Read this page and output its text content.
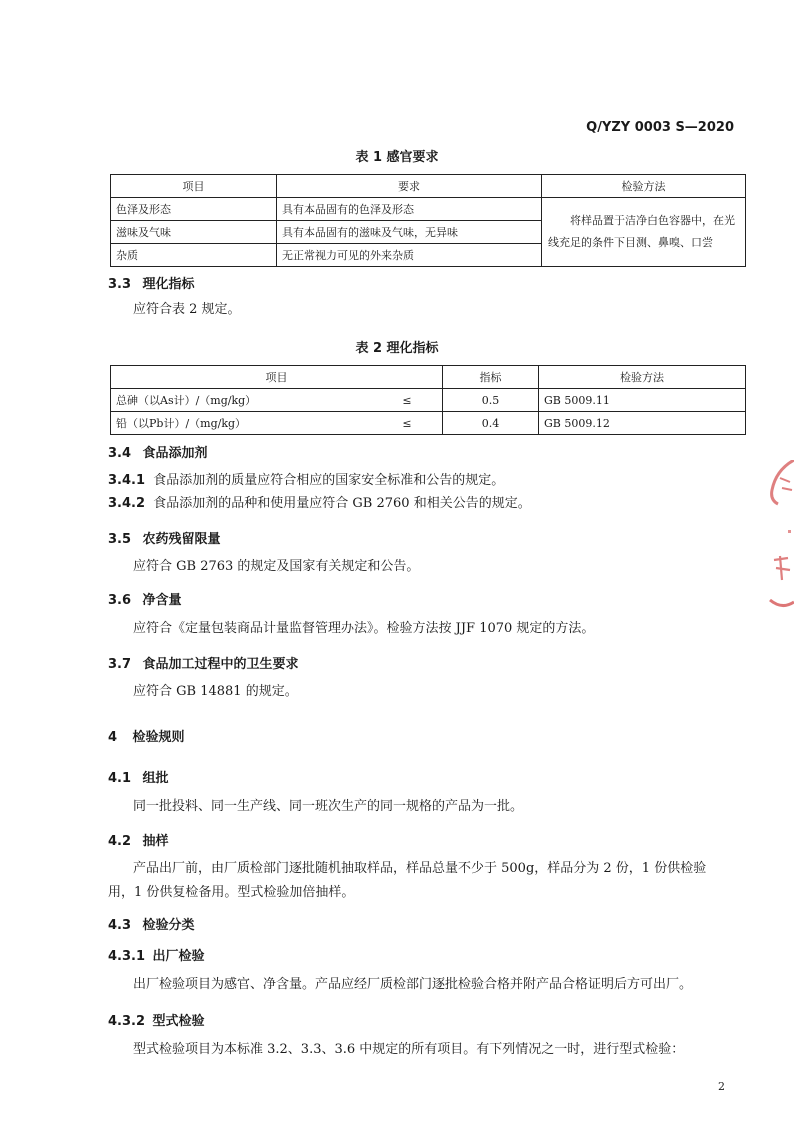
Q/YZY 0003 S—2020
表 1 感官要求
项目	要求	检验方法
色泽及形态	具有本品固有的色泽及形态	将样品置于洁净白色容器中，在光线充足的条件下目测、鼻嗅、口尝
滋味及气味	具有本品固有的滋味及气味，无异味	
杂质	无正常视力可见的外来杂质	
3.3 理化指标
应符合表 2 规定。
表 2 理化指标
项目		指标	检验方法
总砷（以As计）/（mg/kg）	≤	0.5	GB 5009.11
铅（以Pb计）/（mg/kg）	≤	0.4	GB 5009.12
3.4 食品添加剂
3.4.1 食品添加剂的质量应符合相应的国家安全标准和公告的规定。
3.4.2 食品添加剂的品种和使用量应符合 GB 2760 和相关公告的规定。
3.5 农药残留限量
应符合 GB 2763 的规定及国家有关规定和公告。
3.6 净含量
应符合《定量包装商品计量监督管理办法》。检验方法按 JJF 1070 规定的方法。
3.7 食品加工过程中的卫生要求
应符合 GB 14881 的规定。
4 检验规则
4.1 组批
同一批投料、同一生产线、同一班次生产的同一规格的产品为一批。
4.2 抽样
产品出厂前，由厂质检部门逐批随机抽取样品，样品总量不少于 500g，样品分为 2 份，1 份供检验
用，1 份供复检备用。型式检验加倍抽样。
4.3 检验分类
4.3.1 出厂检验
出厂检验项目为感官、净含量。产品应经厂质检部门逐批检验合格并附产品合格证明后方可出厂。
4.3.2 型式检验
型式检验项目为本标准 3.2、3.3、3.6 中规定的所有项目。有下列情况之一时，进行型式检验：
2
